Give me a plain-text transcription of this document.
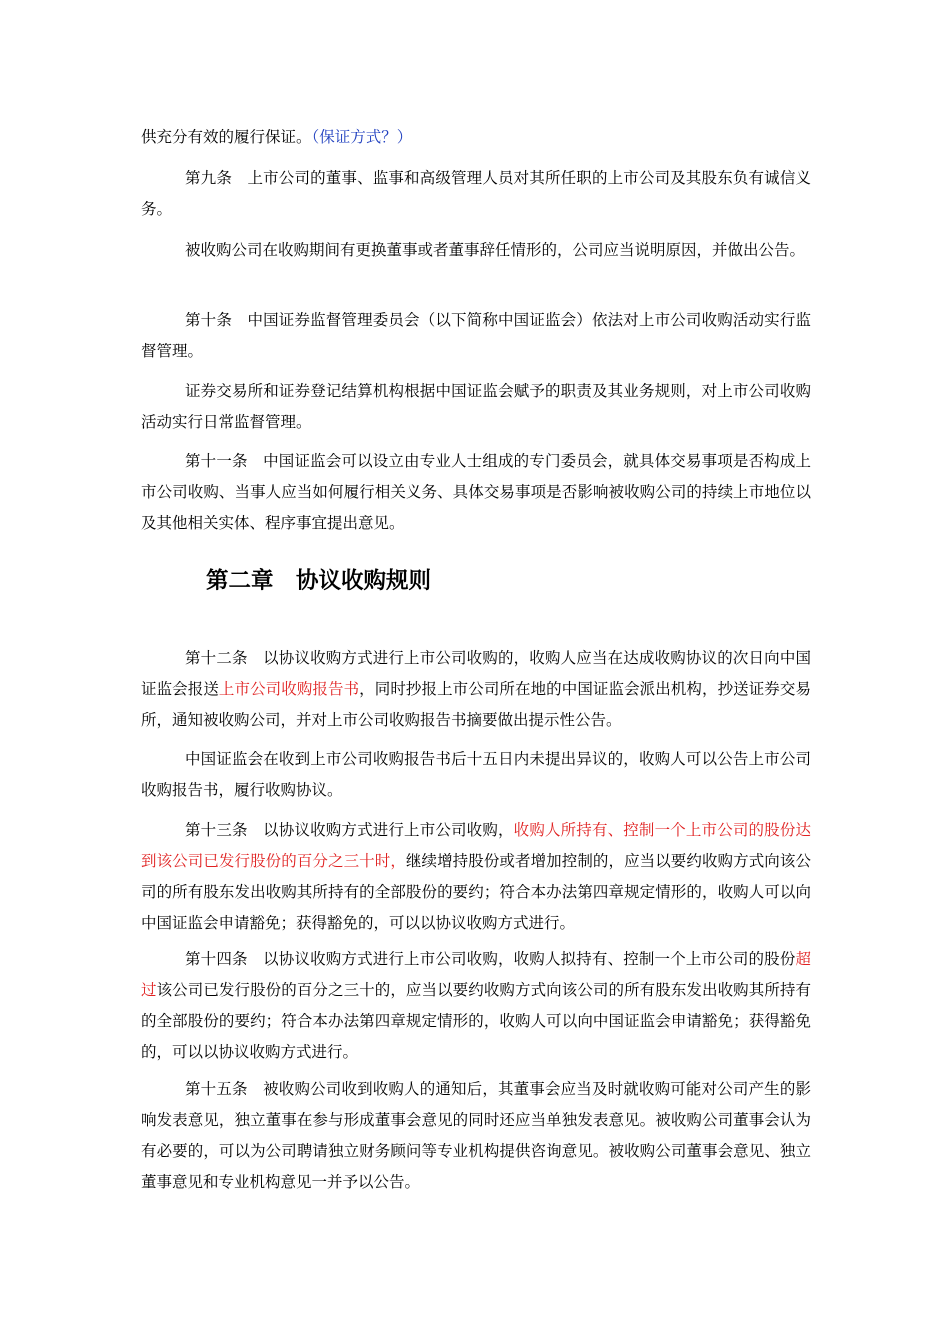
供充分有效的履行保证。（保证方式？）

第九条 上市公司的董事、监事和高级管理人员对其所任职的上市公司及其股东负有诚信义务。

被收购公司在收购期间有更换董事或者董事辞任情形的，公司应当说明原因，并做出公告。

第十条 中国证券监督管理委员会（以下简称中国证监会）依法对上市公司收购活动实行监督管理。

证券交易所和证券登记结算机构根据中国证监会赋予的职责及其业务规则，对上市公司收购活动实行日常监督管理。

第十一条 中国证监会可以设立由专业人士组成的专门委员会，就具体交易事项是否构成上市公司收购、当事人应当如何履行相关义务、具体交易事项是否影响被收购公司的持续上市地位以及其他相关实体、程序事宜提出意见。

第二章 协议收购规则

第十二条 以协议收购方式进行上市公司收购的，收购人应当在达成收购协议的次日向中国证监会报送上市公司收购报告书，同时抄报上市公司所在地的中国证监会派出机构，抄送证券交易所，通知被收购公司，并对上市公司收购报告书摘要做出提示性公告。

中国证监会在收到上市公司收购报告书后十五日内未提出异议的，收购人可以公告上市公司收购报告书，履行收购协议。

第十三条 以协议收购方式进行上市公司收购，收购人所持有、控制一个上市公司的股份达到该公司已发行股份的百分之三十时，继续增持股份或者增加控制的，应当以要约收购方式向该公司的所有股东发出收购其所持有的全部股份的要约；符合本办法第四章规定情形的，收购人可以向中国证监会申请豁免；获得豁免的，可以以协议收购方式进行。

第十四条 以协议收购方式进行上市公司收购，收购人拟持有、控制一个上市公司的股份超过该公司已发行股份的百分之三十的，应当以要约收购方式向该公司的所有股东发出收购其所持有的全部股份的要约；符合本办法第四章规定情形的，收购人可以向中国证监会申请豁免；获得豁免的，可以以协议收购方式进行。

第十五条 被收购公司收到收购人的通知后，其董事会应当及时就收购可能对公司产生的影响发表意见，独立董事在参与形成董事会意见的同时还应当单独发表意见。被收购公司董事会认为有必要的，可以为公司聘请独立财务顾问等专业机构提供咨询意见。被收购公司董事会意见、独立董事意见和专业机构意见一并予以公告。
